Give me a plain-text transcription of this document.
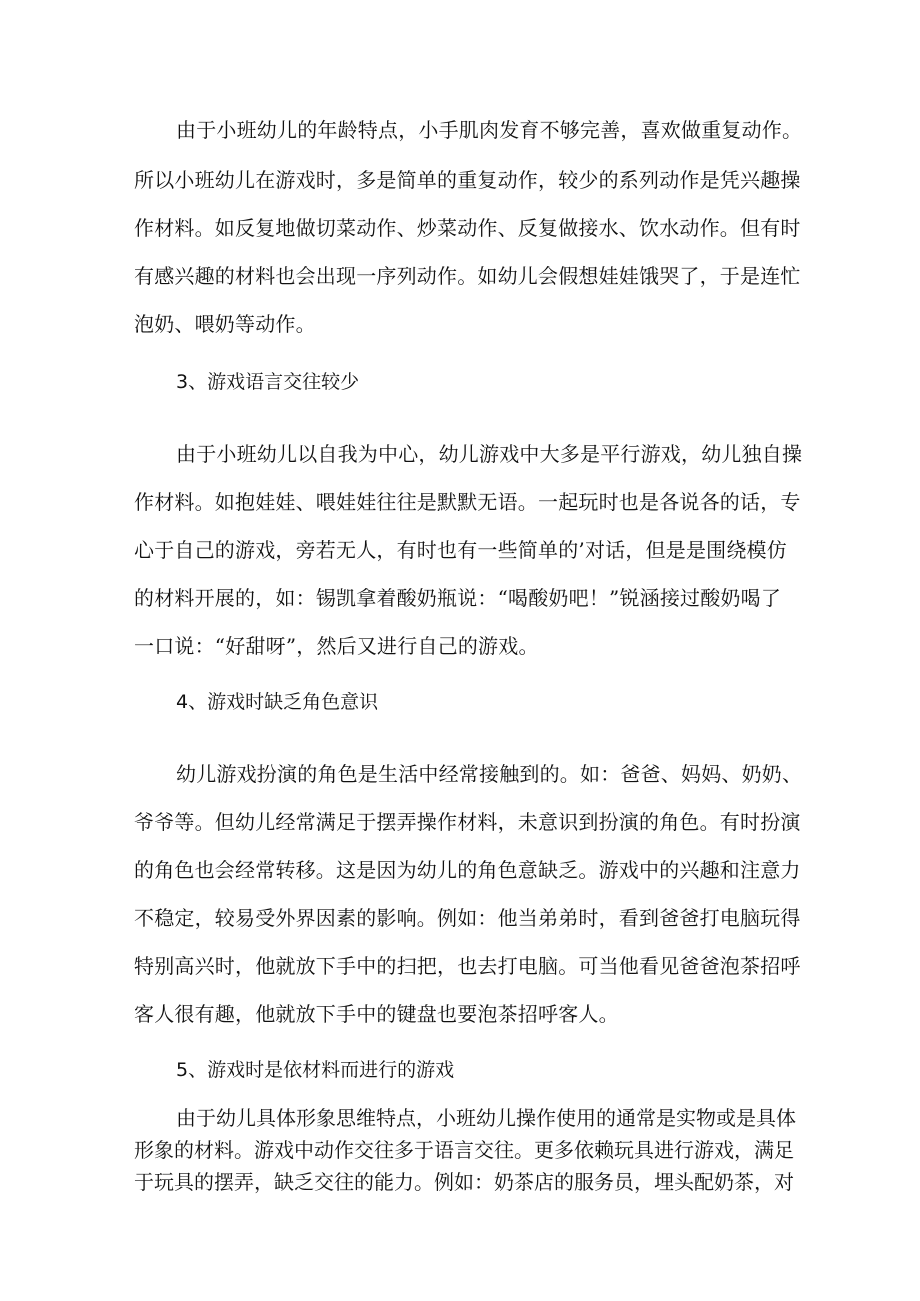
由于小班幼儿的年龄特点，小手肌肉发育不够完善，喜欢做重复动作。
所以小班幼儿在游戏时，多是简单的重复动作，较少的系列动作是凭兴趣操
作材料。如反复地做切菜动作、炒菜动作、反复做接水、饮水动作。但有时
有感兴趣的材料也会出现一序列动作。如幼儿会假想娃娃饿哭了，于是连忙
泡奶、喂奶等动作。
3、游戏语言交往较少
由于小班幼儿以自我为中心，幼儿游戏中大多是平行游戏，幼儿独自操
作材料。如抱娃娃、喂娃娃往往是默默无语。一起玩时也是各说各的话，专
心于自己的游戏，旁若无人，有时也有一些简单的’对话，但是是围绕模仿
的材料开展的，如：锡凯拿着酸奶瓶说：“喝酸奶吧！”锐涵接过酸奶喝了
一口说：“好甜呀”，然后又进行自己的游戏。
4、游戏时缺乏角色意识
幼儿游戏扮演的角色是生活中经常接触到的。如：爸爸、妈妈、奶奶、
爷爷等。但幼儿经常满足于摆弄操作材料，未意识到扮演的角色。有时扮演
的角色也会经常转移。这是因为幼儿的角色意缺乏。游戏中的兴趣和注意力
不稳定，较易受外界因素的影响。例如：他当弟弟时，看到爸爸打电脑玩得
特别高兴时，他就放下手中的扫把，也去打电脑。可当他看见爸爸泡茶招呼
客人很有趣，他就放下手中的键盘也要泡茶招呼客人。
5、游戏时是依材料而进行的游戏
由于幼儿具体形象思维特点，小班幼儿操作使用的通常是实物或是具体
形象的材料。游戏中动作交往多于语言交往。更多依赖玩具进行游戏，满足
于玩具的摆弄，缺乏交往的能力。例如：奶茶店的服务员，埋头配奶茶，对
